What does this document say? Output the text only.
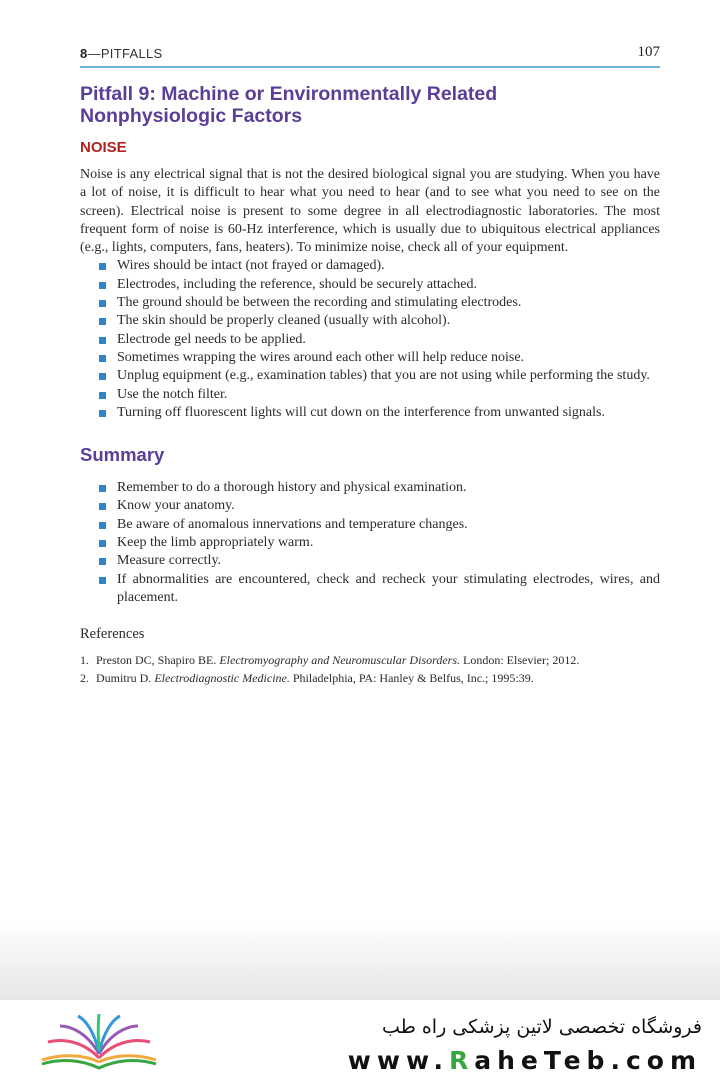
8—PITFALLS	107
Pitfall 9: Machine or Environmentally Related
Nonphysiologic Factors
NOISE

Noise is any electrical signal that is not the desired biological signal you are studying. When you have a lot of noise, it is difficult to hear what you need to hear (and to see what you need to see on the screen). Electrical noise is present to some degree in all electrodiagnostic laboratories. The most frequent form of noise is 60-Hz interference, which is usually due to ubiquitous electrical appliances (e.g., lights, computers, fans, heaters). To minimize noise, check all of your equipment.

Wires should be intact (not frayed or damaged).
Electrodes, including the reference, should be securely attached.
The ground should be between the recording and stimulating electrodes.
The skin should be properly cleaned (usually with alcohol).
Electrode gel needs to be applied.
Sometimes wrapping the wires around each other will help reduce noise.
Unplug equipment (e.g., examination tables) that you are not using while performing the study.
Use the notch filter.
Turning off fluorescent lights will cut down on the interference from unwanted signals.
Summary
Remember to do a thorough history and physical examination.
Know your anatomy.
Be aware of anomalous innervations and temperature changes.
Keep the limb appropriately warm.
Measure correctly.
If abnormalities are encountered, check and recheck your stimulating electrodes, wires, and placement.
References
1. Preston DC, Shapiro BE. Electromyography and Neuromuscular Disorders. London: Elsevier; 2012.
2. Dumitru D. Electrodiagnostic Medicine. Philadelphia, PA: Hanley & Belfus, Inc.; 1995:39.
فروشگاه تخصصی لاتین پزشکی راه طب
www.RaheTeb.com
